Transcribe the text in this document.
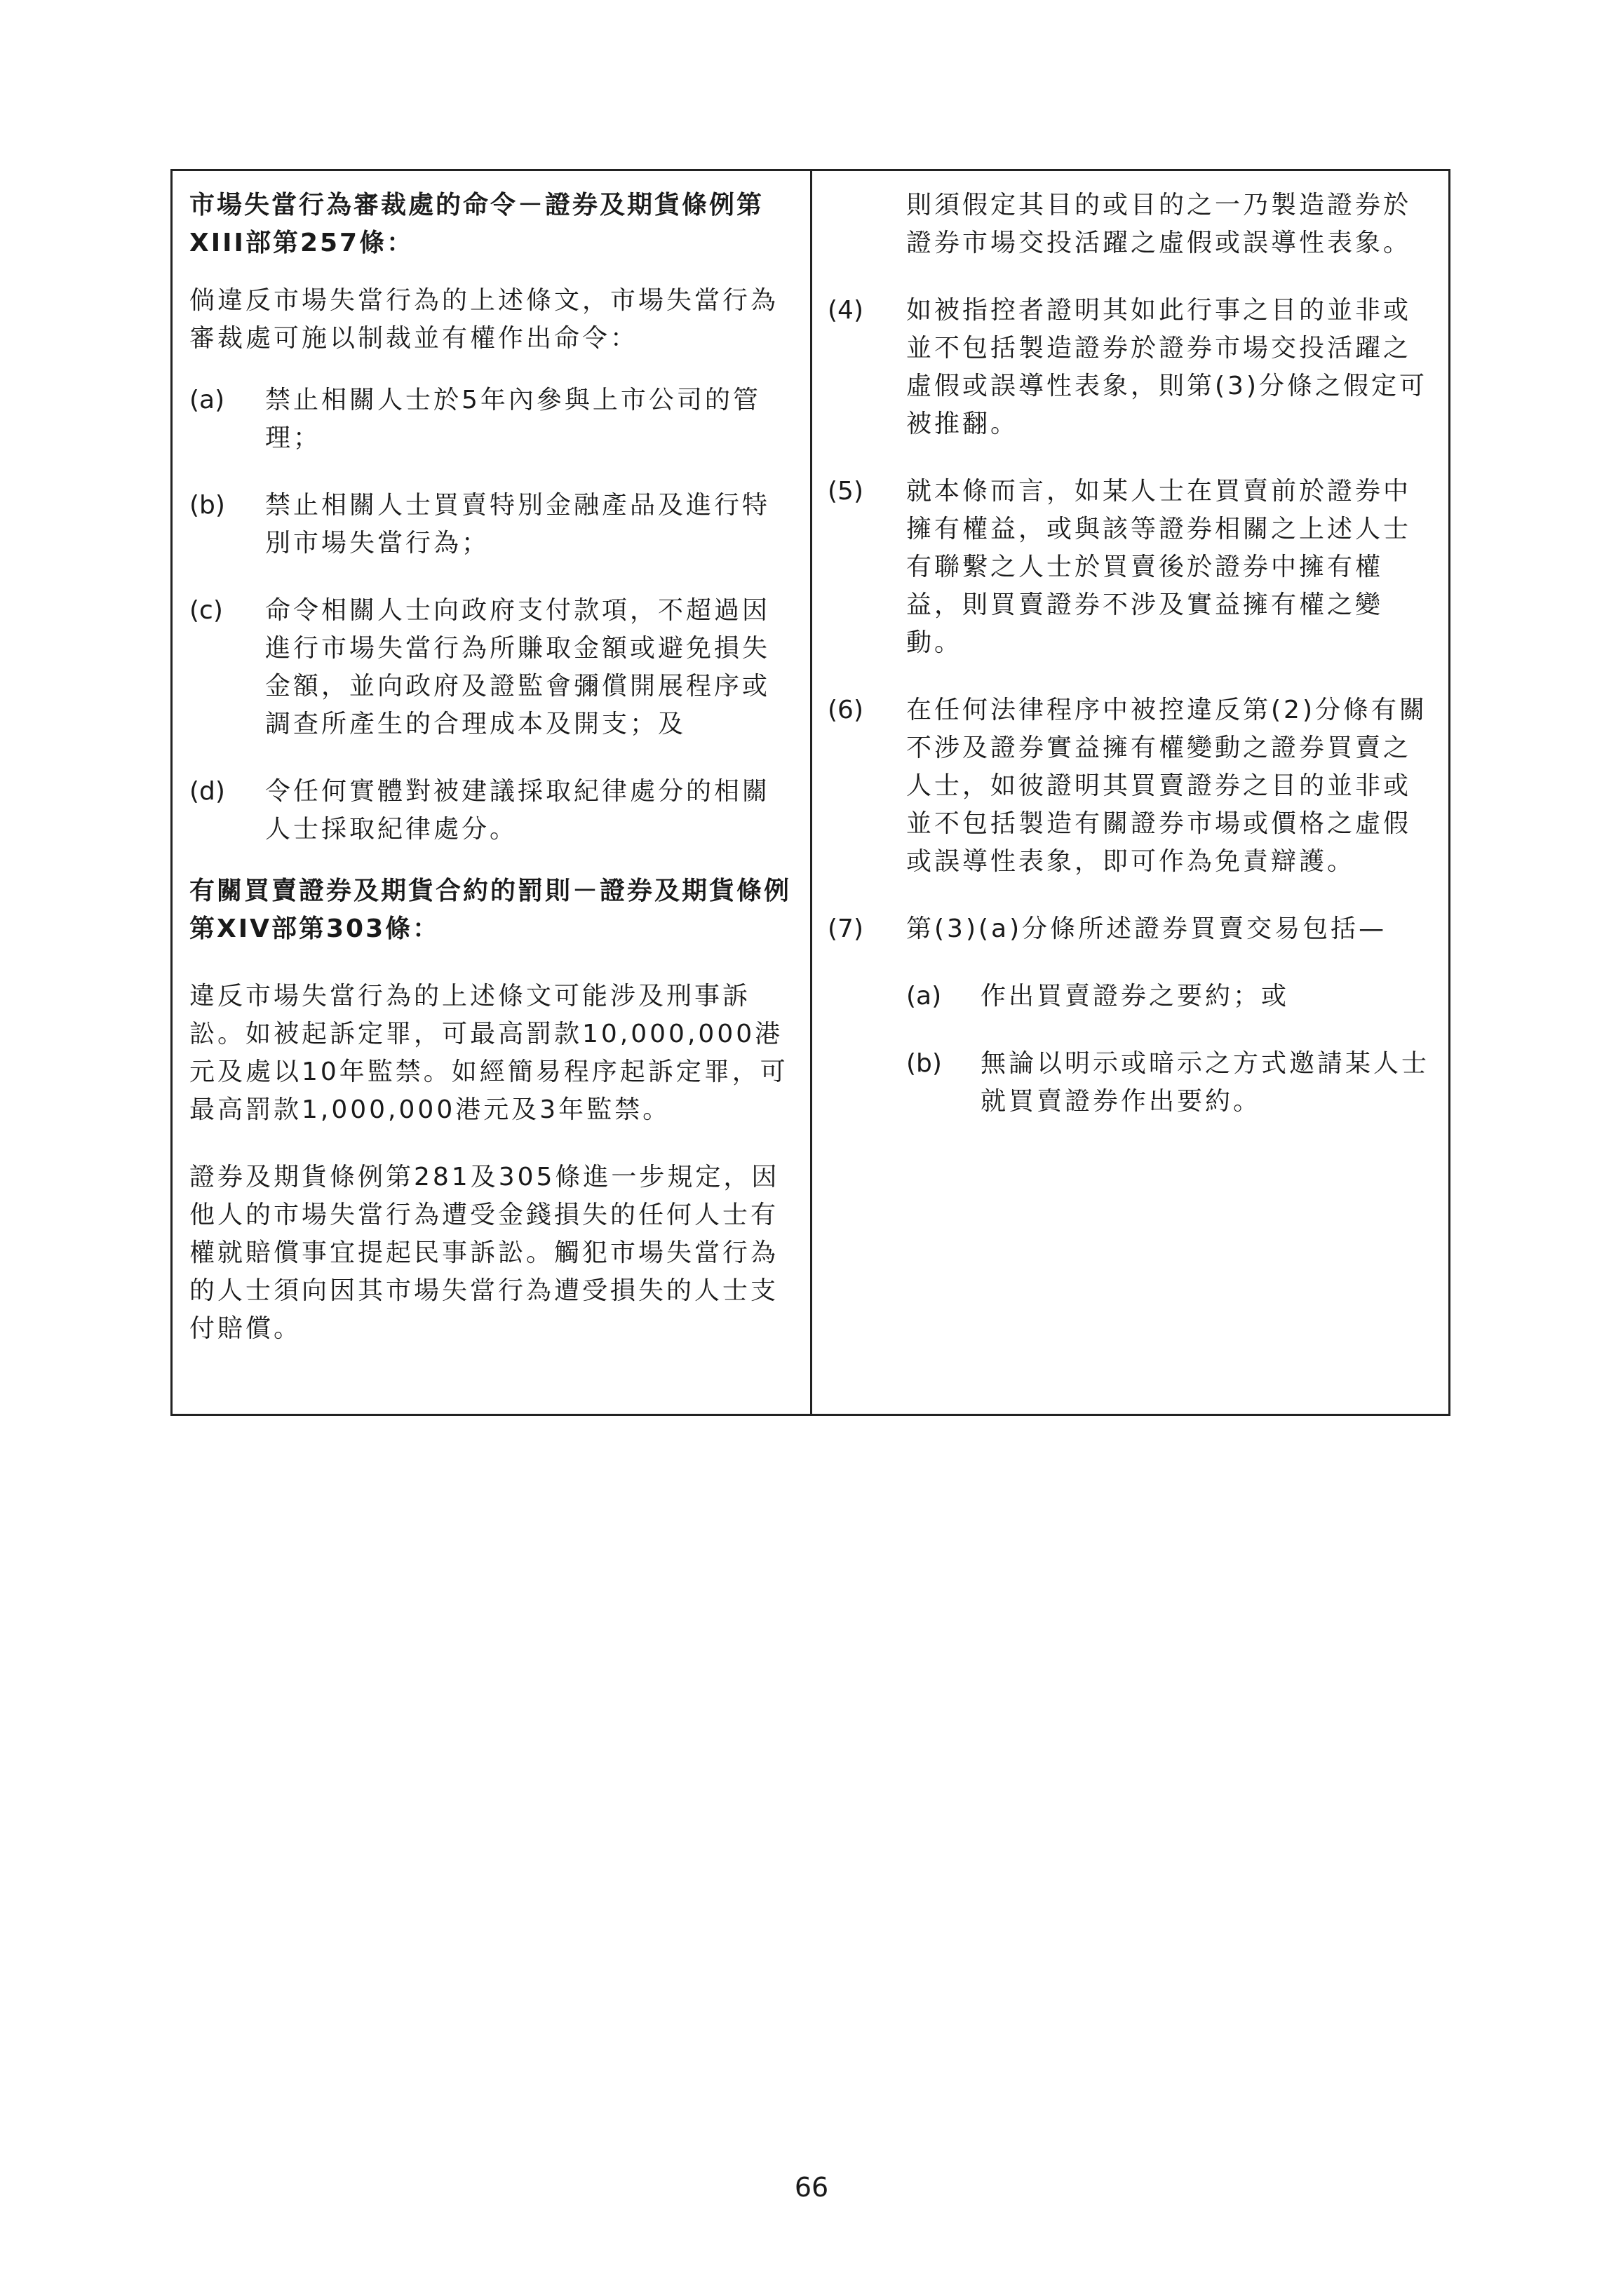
市場失當行為審裁處的命令－證券及期貨條例第XIII部第257條：

倘違反市場失當行為的上述條文，市場失當行為審裁處可施以制裁並有權作出命令：

(a)	禁止相關人士於5年內參與上市公司的管理；
(b)	禁止相關人士買賣特別金融產品及進行特別市場失當行為；
(c)	命令相關人士向政府支付款項，不超過因進行市場失當行為所賺取金額或避免損失金額，並向政府及證監會彌償開展程序或調查所產生的合理成本及開支；及
(d)	令任何實體對被建議採取紀律處分的相關人士採取紀律處分。

有關買賣證券及期貨合約的罰則－證券及期貨條例第XIV部第303條：

違反市場失當行為的上述條文可能涉及刑事訴訟。如被起訴定罪，可最高罰款10,000,000港元及處以10年監禁。如經簡易程序起訴定罪，可最高罰款1,000,000港元及3年監禁。

證券及期貨條例第281及305條進一步規定，因他人的市場失當行為遭受金錢損失的任何人士有權就賠償事宜提起民事訴訟。觸犯市場失當行為的人士須向因其市場失當行為遭受損失的人士支付賠償。

則須假定其目的或目的之一乃製造證券於證券市場交投活躍之虛假或誤導性表象。
(4)	如被指控者證明其如此行事之目的並非或並不包括製造證券於證券市場交投活躍之虛假或誤導性表象，則第(3)分條之假定可被推翻。
(5)	就本條而言，如某人士在買賣前於證券中擁有權益，或與該等證券相關之上述人士有聯繫之人士於買賣後於證券中擁有權益，則買賣證券不涉及實益擁有權之變動。
(6)	在任何法律程序中被控違反第(2)分條有關不涉及證券實益擁有權變動之證券買賣之人士，如彼證明其買賣證券之目的並非或並不包括製造有關證券市場或價格之虛假或誤導性表象，即可作為免責辯護。
(7)	第(3)(a)分條所述證券買賣交易包括—
(a)	作出買賣證券之要約；或
(b)	無論以明示或暗示之方式邀請某人士就買賣證券作出要約。
66
